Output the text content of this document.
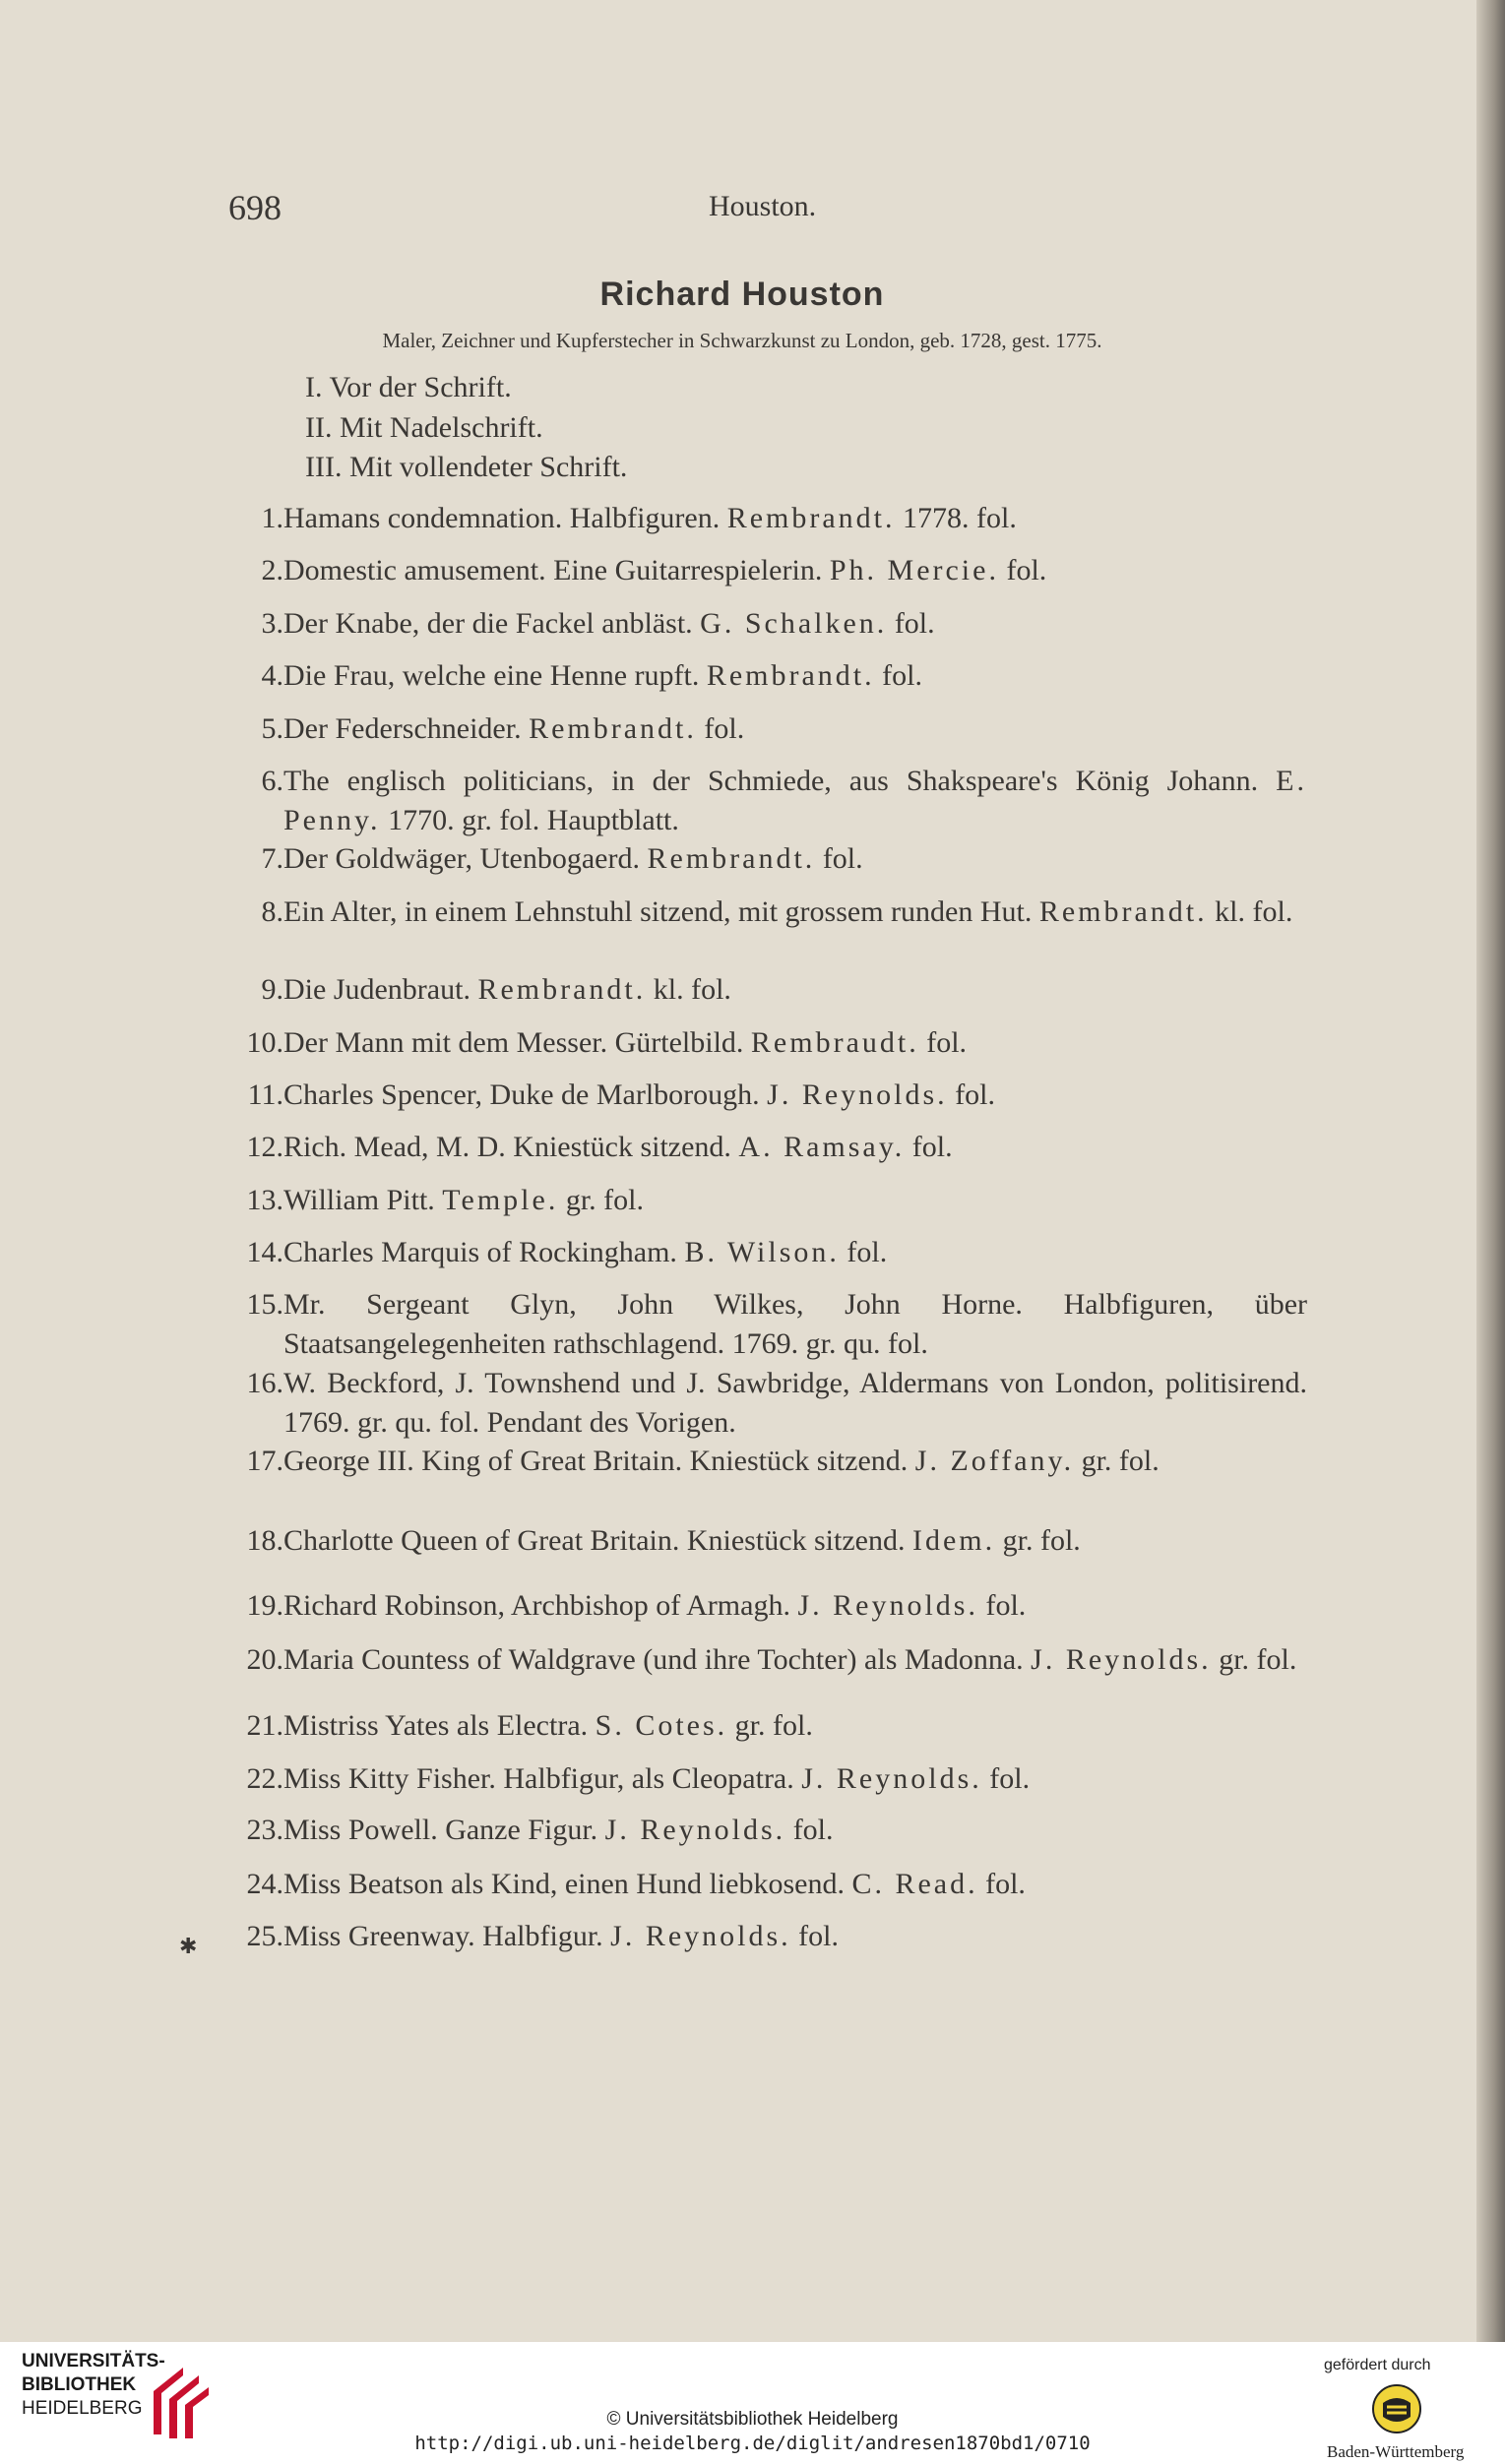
698	Houston.
Richard Houston
Maler, Zeichner und Kupferstecher in Schwarzkunst zu London, geb. 1728, gest. 1775.
I. Vor der Schrift.
II. Mit Nadelschrift.
III. Mit vollendeter Schrift.
1. Hamans condemnation. Halbfiguren. Rembrandt. 1778. fol.
2. Domestic amusement. Eine Guitarrespielerin. Ph. Mercie. fol.
3. Der Knabe, der die Fackel anbläst. G. Schalken. fol.
4. Die Frau, welche eine Henne rupft. Rembrandt. fol.
5. Der Federschneider. Rembrandt. fol.
6. The englisch politicians, in der Schmiede, aus Shakspeare's König Johann. E. Penny. 1770. gr. fol. Hauptblatt.
7. Der Goldwäger, Utenbogaerd. Rembrandt. fol.
8. Ein Alter, in einem Lehnstuhl sitzend, mit grossem runden Hut. Rembrandt. kl. fol.
9. Die Judenbraut. Rembrandt. kl. fol.
10. Der Mann mit dem Messer. Gürtelbild. Rembraudt. fol.
11. Charles Spencer, Duke de Marlborough. J. Reynolds. fol.
12. Rich. Mead, M. D. Kniestück sitzend. A. Ramsay. fol.
13. William Pitt. Temple. gr. fol.
14. Charles Marquis of Rockingham. B. Wilson. fol.
15. Mr. Sergeant Glyn, John Wilkes, John Horne. Halbfiguren, über Staatsangelegenheiten rathschlagend. 1769. gr. qu. fol.
16. W. Beckford, J. Townshend und J. Sawbridge, Aldermans von London, politisirend. 1769. gr. qu. fol. Pendant des Vorigen.
17. George III. King of Great Britain. Kniestück sitzend. J. Zoffany. gr. fol.
18. Charlotte Queen of Great Britain. Kniestück sitzend. Idem. gr. fol.
19. Richard Robinson, Archbishop of Armagh. J. Reynolds. fol.
20. Maria Countess of Waldgrave (und ihre Tochter) als Madonna. J. Reynolds. gr. fol.
21. Mistriss Yates als Electra. S. Cotes. gr. fol.
22. Miss Kitty Fisher. Halbfigur, als Cleopatra. J. Reynolds. fol.
23. Miss Powell. Ganze Figur. J. Reynolds. fol.
24. Miss Beatson als Kind, einen Hund liebkosend. C. Read. fol.
25. Miss Greenway. Halbfigur. J. Reynolds. fol.
✱
UNIVERSITÄTS-
BIBLIOTHEK
HEIDELBERG
© Universitätsbibliothek Heidelberg
http://digi.ub.uni-heidelberg.de/diglit/andresen1870bd1/0710
gefördert durch
Baden-Württemberg
